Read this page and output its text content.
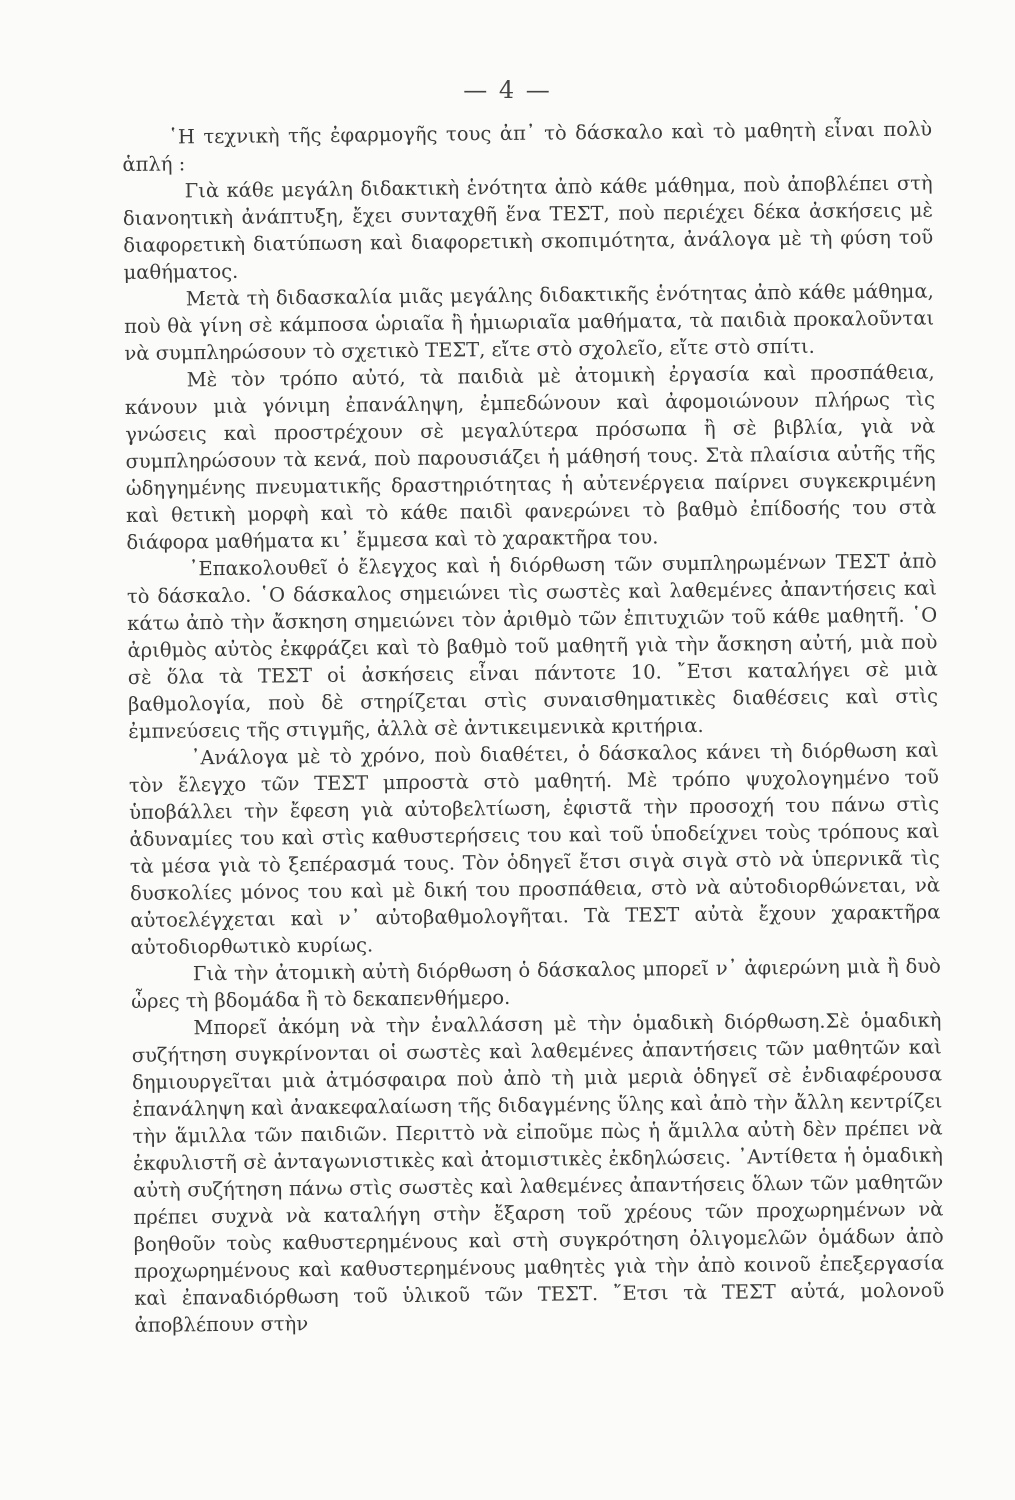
— 4 —

῾Η τεχνικὴ τῆς ἐφαρμογῆς τους ἀπ᾽ τὸ δάσκαλο καὶ τὸ μαθητὴ εἶναι πολὺ ἁπλή :

Γιὰ κάθε μεγάλη διδακτικὴ ἑνότητα ἀπὸ κάθε μάθημα, ποὺ ἀποβλέπει στὴ διανοητικὴ ἀνάπτυξη, ἔχει συνταχθῆ ἕνα ΤΕΣΤ, ποὺ περιέχει δέκα ἀσκήσεις μὲ διαφορετικὴ διατύπωση καὶ διαφορετικὴ σκοπιμότητα, ἀνάλογα μὲ τὴ φύση τοῦ μαθήματος.

Μετὰ τὴ διδασκαλία μιᾶς μεγάλης διδακτικῆς ἑνότητας ἀπὸ κάθε μάθημα, ποὺ θὰ γίνη σὲ κάμποσα ὡριαῖα ἢ ἡμιωριαῖα μαθήματα, τὰ παιδιὰ προκαλοῦνται νὰ συμπληρώσουν τὸ σχετικὸ ΤΕΣΤ, εἴτε στὸ σχολεῖο, εἴτε στὸ σπίτι.

Μὲ τὸν τρόπο αὐτό, τὰ παιδιὰ μὲ ἀτομικὴ ἐργασία καὶ προσπάθεια, κάνουν μιὰ γόνιμη ἐπανάληψη, ἐμπεδώνουν καὶ ἀφομοιώνουν πλήρως τὶς γνώσεις καὶ προστρέχουν σὲ μεγαλύτερα πρόσωπα ἢ σὲ βιβλία, γιὰ νὰ συμπληρώσουν τὰ κενά, ποὺ παρουσιάζει ἡ μάθησή τους. Στὰ πλαίσια αὐτῆς τῆς ὡδηγημένης πνευματικῆς δραστηριότητας ἡ αὐτενέργεια παίρνει συγκεκριμένη καὶ θετικὴ μορφὴ καὶ τὸ κάθε παιδὶ φανερώνει τὸ βαθμὸ ἐπίδοσής του στὰ διάφορα μαθήματα κι᾽ ἔμμεσα καὶ τὸ χαρακτῆρα του.

᾽Επακολουθεῖ ὁ ἔλεγχος καὶ ἡ διόρθωση τῶν συμπληρωμένων ΤΕΣΤ ἀπὸ τὸ δάσκαλο. ῾Ο δάσκαλος σημειώνει τὶς σωστὲς καὶ λαθεμένες ἀπαντήσεις καὶ κάτω ἀπὸ τὴν ἄσκηση σημειώνει τὸν ἀριθμὸ τῶν ἐπιτυχιῶν τοῦ κάθε μαθητῆ. ῾Ο ἀριθμὸς αὐτὸς ἐκφράζει καὶ τὸ βαθμὸ τοῦ μαθητῆ γιὰ τὴν ἄσκηση αὐτή, μιὰ ποὺ σὲ ὅλα τὰ ΤΕΣΤ οἱ ἀσκήσεις εἶναι πάντοτε 10. ῎Ετσι καταλήγει σὲ μιὰ βαθμολογία, ποὺ δὲ στηρίζεται στὶς συναισθηματικὲς διαθέσεις καὶ στὶς ἐμπνεύσεις τῆς στιγμῆς, ἀλλὰ σὲ ἀντικειμενικὰ κριτήρια.

᾽Ανάλογα μὲ τὸ χρόνο, ποὺ διαθέτει, ὁ δάσκαλος κάνει τὴ διόρθωση καὶ τὸν ἔλεγχο τῶν ΤΕΣΤ μπροστὰ στὸ μαθητή. Μὲ τρόπο ψυχολογημένο τοῦ ὑποβάλλει τὴν ἔφεση γιὰ αὐτοβελτίωση, ἐφιστᾶ τὴν προσοχή του πάνω στὶς ἀδυναμίες του καὶ στὶς καθυστερήσεις του καὶ τοῦ ὑποδείχνει τοὺς τρόπους καὶ τὰ μέσα γιὰ τὸ ξεπέρασμά τους. Τὸν ὁδηγεῖ ἔτσι σιγὰ σιγὰ στὸ νὰ ὑπερνικᾶ τὶς δυσκολίες μόνος του καὶ μὲ δική του προσπάθεια, στὸ νὰ αὐτοδιορθώνεται, νὰ αὐτοελέγχεται καὶ ν᾽ αὐτοβαθμολογῆται. Τὰ ΤΕΣΤ αὐτὰ ἔχουν χαρακτῆρα αὐτοδιορθωτικὸ κυρίως.

Γιὰ τὴν ἀτομικὴ αὐτὴ διόρθωση ὁ δάσκαλος μπορεῖ ν᾽ ἀφιερώνη μιὰ ἢ δυὸ ὧρες τὴ βδομάδα ἢ τὸ δεκαπενθήμερο.

Μπορεῖ ἀκόμη νὰ τὴν ἐναλλάσση μὲ τὴν ὁμαδικὴ διόρθωση.Σὲ ὁμαδικὴ συζήτηση συγκρίνονται οἱ σωστὲς καὶ λαθεμένες ἀπαντήσεις τῶν μαθητῶν καὶ δημιουργεῖται μιὰ ἀτμόσφαιρα ποὺ ἀπὸ τὴ μιὰ μεριὰ ὁδηγεῖ σὲ ἐνδιαφέρουσα ἐπανάληψη καὶ ἀνακεφαλαίωση τῆς διδαγμένης ὕλης καὶ ἀπὸ τὴν ἄλλη κεντρίζει τὴν ἅμιλλα τῶν παιδιῶν. Περιττὸ νὰ εἰποῦμε πὼς ἡ ἅμιλλα αὐτὴ δὲν πρέπει νὰ ἐκφυλιστῆ σὲ ἀνταγωνιστικὲς καὶ ἀτομιστικὲς ἐκδηλώσεις. ᾽Αντίθετα ἡ ὁμαδικὴ αὐτὴ συζήτηση πάνω στὶς σωστὲς καὶ λαθεμένες ἀπαντήσεις ὅλων τῶν μαθητῶν πρέπει συχνὰ νὰ καταλήγη στὴν ἔξαρση τοῦ χρέους τῶν προχωρημένων νὰ βοηθοῦν τοὺς καθυστερημένους καὶ στὴ συγκρότηση ὀλιγομελῶν ὁμάδων ἀπὸ προχωρημένους καὶ καθυστερημένους μαθητὲς γιὰ τὴν ἀπὸ κοινοῦ ἐπεξεργασία καὶ ἐπαναδιόρθωση τοῦ ὑλικοῦ τῶν ΤΕΣΤ. ῎Ετσι τὰ ΤΕΣΤ αὐτά, μολονοῦ ἀποβλέπουν στὴν
